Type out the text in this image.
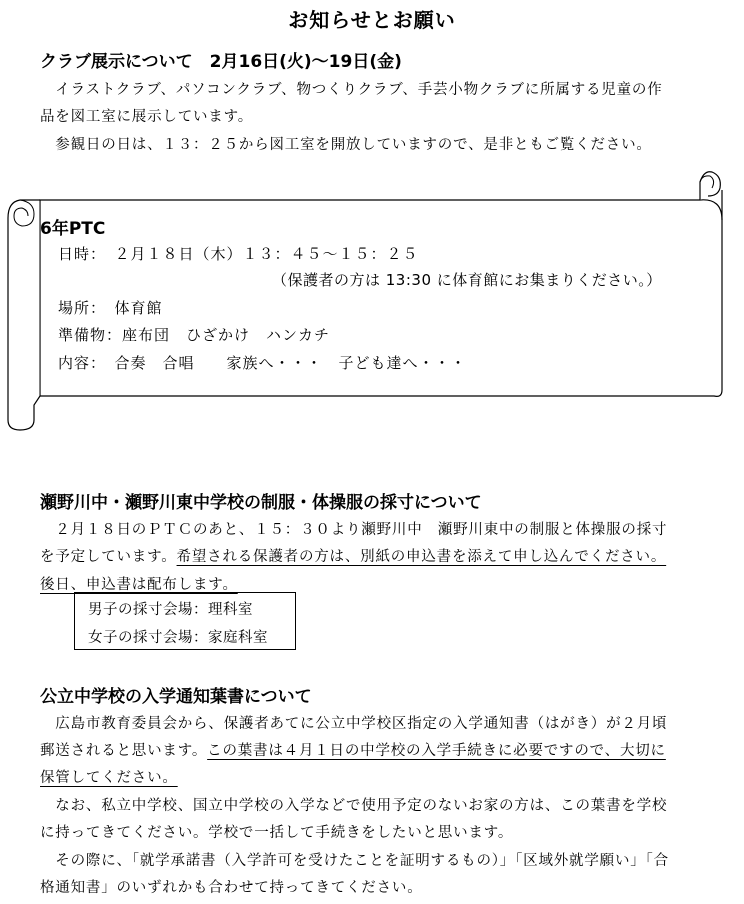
お知らせとお願い
クラブ展示について　2月16日(火)～19日(金)
　イラストクラブ、パソコンクラブ、物つくりクラブ、手芸小物クラブに所属する児童の作
品を図工室に展示しています。
　参観日の日は、１３：２５から図工室を開放していますので、是非ともご覧ください。
6年PTC
日時：　２月１８日（木）１３：４５～１５：２５
（保護者の方は 13:30 に体育館にお集まりください。）
場所：　体育館
準備物：座布団　ひざかけ　ハンカチ
内容：　合奏　合唱　　家族へ・・・　子ども達へ・・・
瀬野川中・瀬野川東中学校の制服・体操服の採寸について
　２月１８日のＰＴＣのあと、１５：３０より瀬野川中　瀬野川東中の制服と体操服の採寸
を予定しています。希望される保護者の方は、別紙の申込書を添えて申し込んでください。
後日、申込書は配布します。
男子の採寸会場：理科室
女子の採寸会場：家庭科室
公立中学校の入学通知葉書について
　広島市教育委員会から、保護者あてに公立中学校区指定の入学通知書（はがき）が２月頃
郵送されると思います。この葉書は４月１日の中学校の入学手続きに必要ですので、大切に
保管してください。
　なお、私立中学校、国立中学校の入学などで使用予定のないお家の方は、この葉書を学校
に持ってきてください。学校で一括して手続きをしたいと思います。
　その際に、「就学承諾書（入学許可を受けたことを証明するもの）」「区域外就学願い」「合
格通知書」のいずれかも合わせて持ってきてください。
